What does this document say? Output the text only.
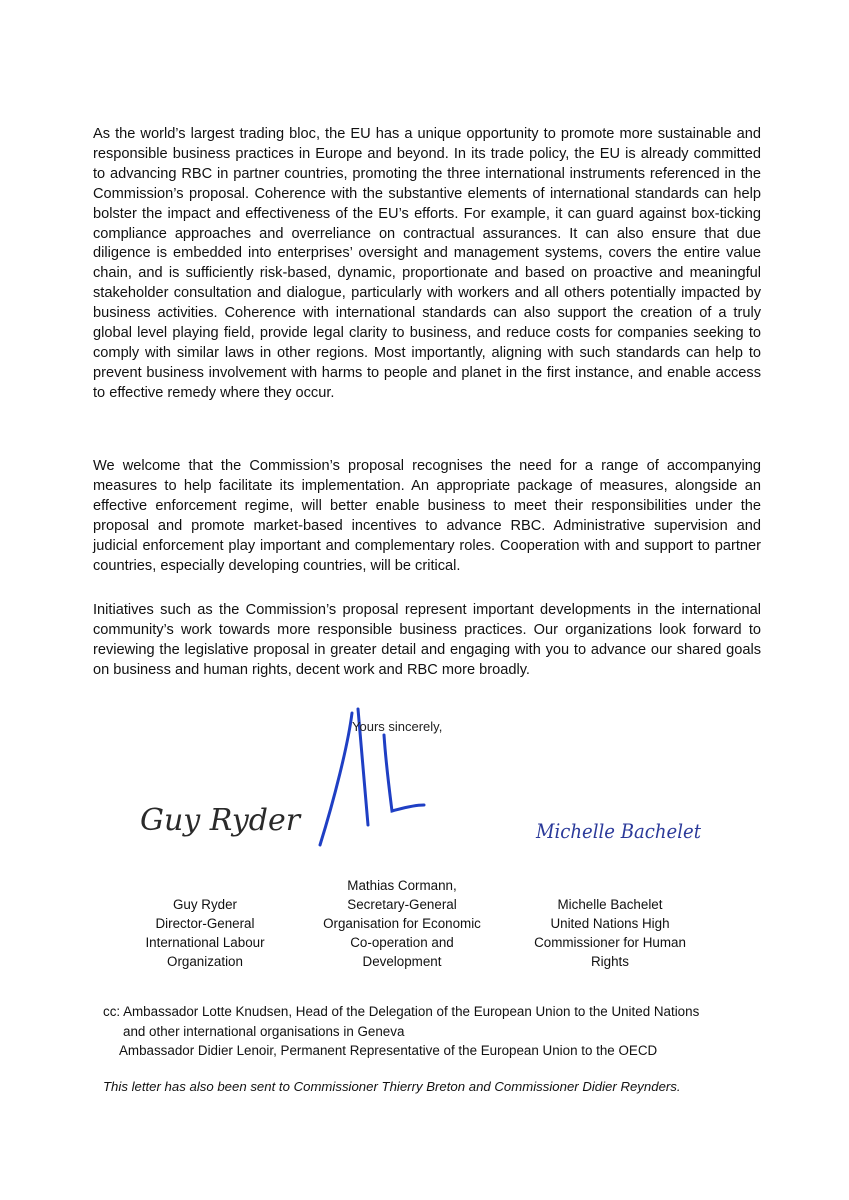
As the world’s largest trading bloc, the EU has a unique opportunity to promote more sustainable and responsible business practices in Europe and beyond. In its trade policy, the EU is already committed to advancing RBC in partner countries, promoting the three international instruments referenced in the Commission’s proposal. Coherence with the substantive elements of international standards can help bolster the impact and effectiveness of the EU’s efforts. For example, it can guard against box-ticking compliance approaches and overreliance on contractual assurances. It can also ensure that due diligence is embedded into enterprises’ oversight and management systems, covers the entire value chain, and is sufficiently risk-based, dynamic, proportionate and based on proactive and meaningful stakeholder consultation and dialogue, particularly with workers and all others potentially impacted by business activities. Coherence with international standards can also support the creation of a truly global level playing field, provide legal clarity to business, and reduce costs for companies seeking to comply with similar laws in other regions. Most importantly, aligning with such standards can help to prevent business involvement with harms to people and planet in the first instance, and enable access to effective remedy where they occur.

We welcome that the Commission’s proposal recognises the need for a range of accompanying measures to help facilitate its implementation. An appropriate package of measures, alongside an effective enforcement regime, will better enable business to meet their responsibilities under the proposal and promote market-based incentives to advance RBC. Administrative supervision and judicial enforcement play important and complementary roles. Cooperation with and support to partner countries, especially developing countries, will be critical.

Initiatives such as the Commission’s proposal represent important developments in the international community’s work towards more responsible business practices. Our organizations look forward to reviewing the legislative proposal in greater detail and engaging with you to advance our shared goals on business and human rights, decent work and RBC more broadly.

Yours sincerely,
Guy Ryder	Michelle Bachelet
Guy Ryder
Director-General
International Labour
Organization
Mathias Cormann,
Secretary-General
Organisation for Economic
Co-operation and
Development
Michelle Bachelet
United Nations High
Commissioner for Human
Rights
cc: Ambassador Lotte Knudsen, Head of the Delegation of the European Union to the United Nations
and other international organisations in Geneva
Ambassador Didier Lenoir, Permanent Representative of the European Union to the OECD
This letter has also been sent to Commissioner Thierry Breton and Commissioner Didier Reynders.
